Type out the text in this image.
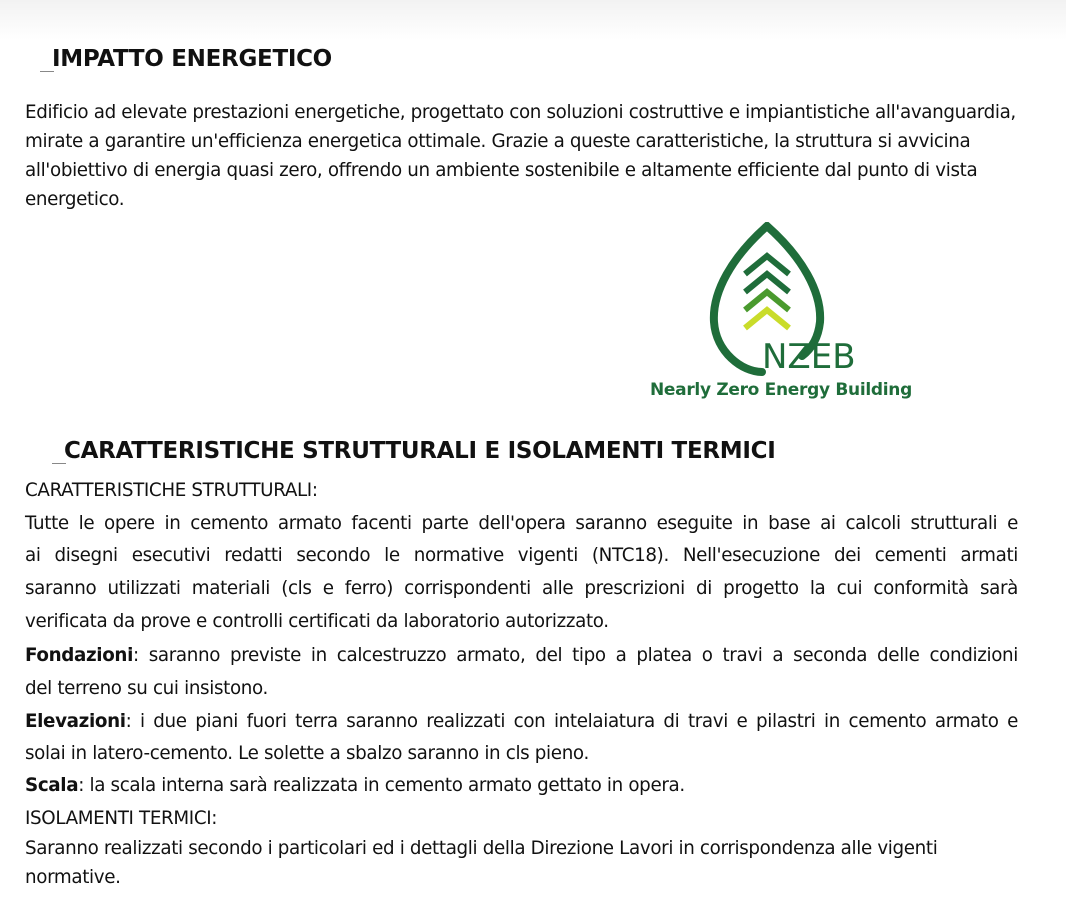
IMPATTO ENERGETICO
Edificio ad elevate prestazioni energetiche, progettato con soluzioni costruttive e impiantistiche all'avanguardia, mirate a garantire un'efficienza energetica ottimale. Grazie a queste caratteristiche, la struttura si avvicina all'obiettivo di energia quasi zero, offrendo un ambiente sostenibile e altamente efficiente dal punto di vista energetico.
NZEB
Nearly Zero Energy Building
CARATTERISTICHE STRUTTURALI E ISOLAMENTI TERMICI
CARATTERISTICHE STRUTTURALI:
Tutte le opere in cemento armato facenti parte dell'opera saranno eseguite in base ai calcoli strutturali e
ai disegni esecutivi redatti secondo le normative vigenti (NTC18). Nell'esecuzione dei cementi armati
saranno utilizzati materiali (cls e ferro) corrispondenti alle prescrizioni di progetto la cui conformità sarà
verificata da prove e controlli certificati da laboratorio autorizzato.
Fondazioni: saranno previste in calcestruzzo armato, del tipo a platea o travi a seconda delle condizioni
del terreno su cui insistono.
Elevazioni: i due piani fuori terra saranno realizzati con intelaiatura di travi e pilastri in cemento armato e
solai in latero-cemento. Le solette a sbalzo saranno in cls pieno.
Scala: la scala interna sarà realizzata in cemento armato gettato in opera.
ISOLAMENTI TERMICI:
Saranno realizzati secondo i particolari ed i dettagli della Direzione Lavori in corrispondenza alle vigenti
normative.
